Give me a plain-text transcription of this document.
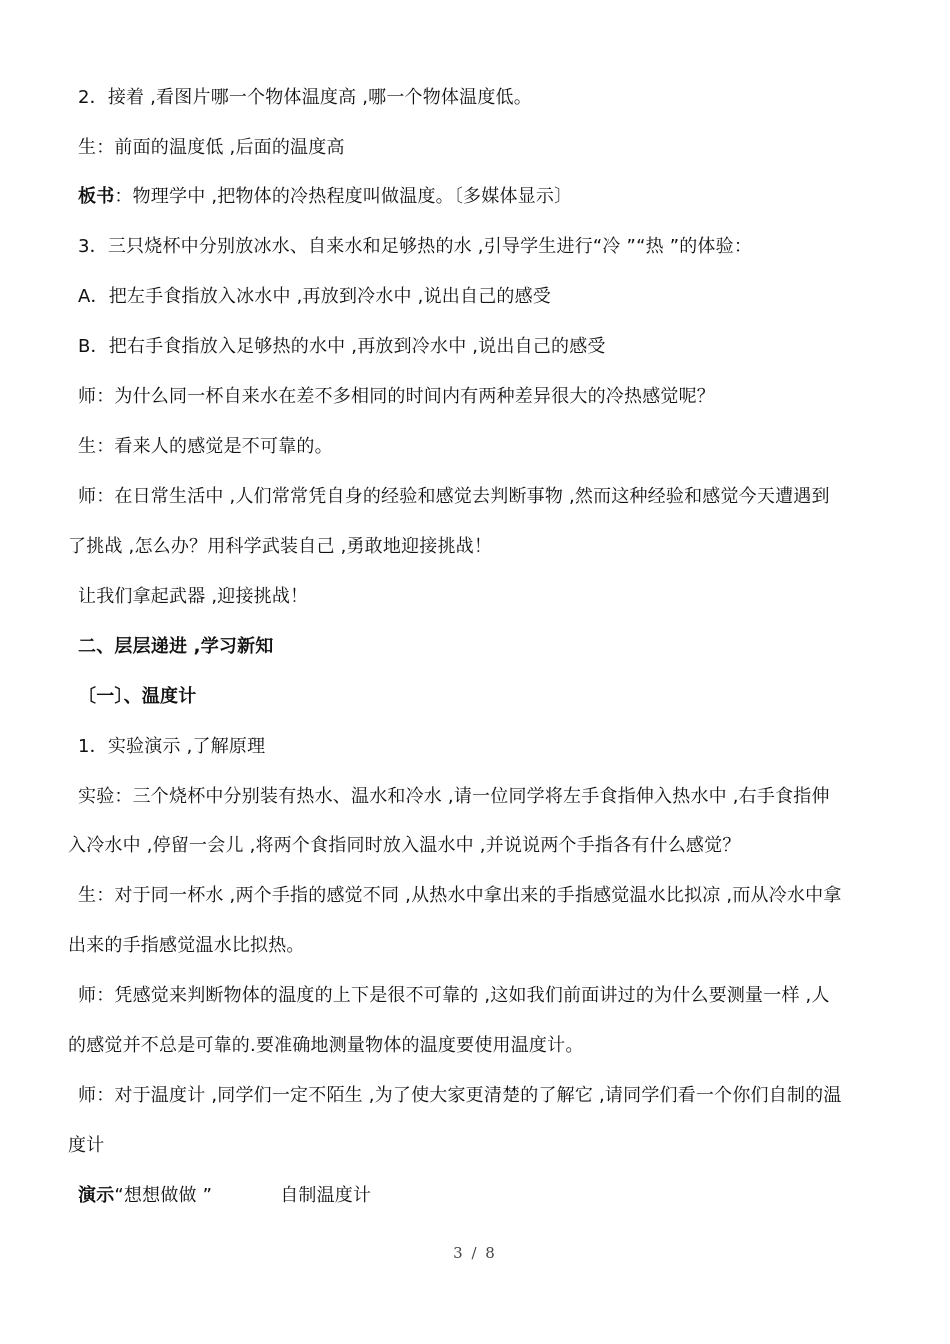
2．接着 ,看图片哪一个物体温度高 ,哪一个物体温度低。
生：前面的温度低 ,后面的温度高
板书：物理学中 ,把物体的冷热程度叫做温度。〔多媒体显示〕
3．三只烧杯中分别放冰水、自来水和足够热的水 ,引导学生进行“冷 ”“热 ”的体验：
A．把左手食指放入冰水中 ,再放到冷水中 ,说出自己的感受
B．把右手食指放入足够热的水中 ,再放到冷水中 ,说出自己的感受
师：为什么同一杯自来水在差不多相同的时间内有两种差异很大的冷热感觉呢？
生：看来人的感觉是不可靠的。
师：在日常生活中 ,人们常常凭自身的经验和感觉去判断事物 ,然而这种经验和感觉今天遭遇到
了挑战 ,怎么办？用科学武装自己 ,勇敢地迎接挑战！
让我们拿起武器 ,迎接挑战！
二、层层递进 ,学习新知
〔一〕、温度计
1．实验演示 ,了解原理
实验：三个烧杯中分别装有热水、温水和冷水 ,请一位同学将左手食指伸入热水中 ,右手食指伸
入冷水中 ,停留一会儿 ,将两个食指同时放入温水中 ,并说说两个手指各有什么感觉？
生：对于同一杯水 ,两个手指的感觉不同 ,从热水中拿出来的手指感觉温水比拟凉 ,而从冷水中拿
出来的手指感觉温水比拟热。
师：凭感觉来判断物体的温度的上下是很不可靠的 ,这如我们前面讲过的为什么要测量一样 ,人
的感觉并不总是可靠的.要准确地测量物体的温度要使用温度计。
师：对于温度计 ,同学们一定不陌生 ,为了使大家更清楚的了解它 ,请同学们看一个你们自制的温
度计
演示“想想做做 ”	自制温度计
3 / 8
